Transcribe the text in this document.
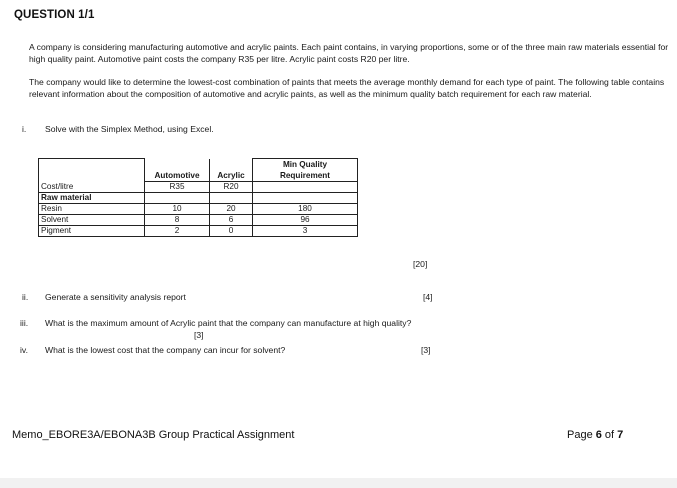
QUESTION 1/1
A company is considering manufacturing automotive and acrylic paints. Each paint contains, in varying proportions, some or of the three main raw materials essential for high quality paint. Automotive paint costs the company R35 per litre. Acrylic paint costs R20 per litre.
The company would like to determine the lowest-cost combination of paints that meets the average monthly demand for each type of paint. The following table contains relevant information about the composition of automotive and acrylic paints, as well as the minimum quality batch requirement for each raw material.
i. Solve with the Simplex Method, using Excel.
	Automotive	Acrylic	Min Quality
Requirement

Cost/litre	R35	R20	
Raw material			
Resin	10	20	180
Solvent	8	6	96
Pigment	2	0	3
[20]
ii. Generate a sensitivity analysis report	[4]
iii. What is the maximum amount of Acrylic paint that the company can manufacture at high quality?
[3]
iv. What is the lowest cost that the company can incur for solvent?	[3]
Memo_EBORE3A/EBONA3B Group Practical Assignment	Page 6 of 7
